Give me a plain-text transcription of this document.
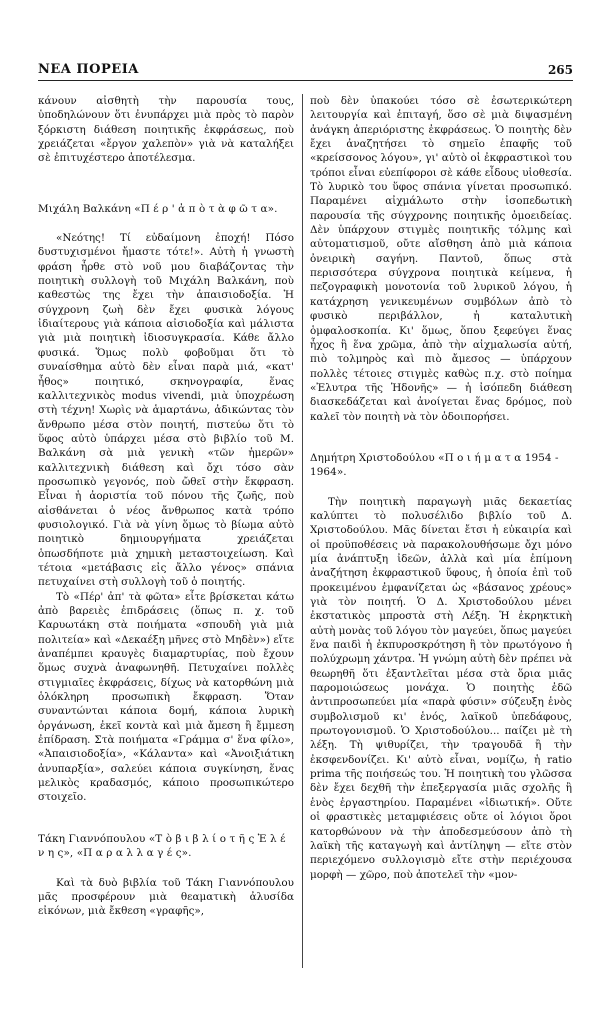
ΝΕΑ ΠΟΡΕΙΑ	265

κάνουν αἰσθητὴ τὴν παρουσία τους, ὑποδηλώνουν ὅτι ἐνυπάρχει μιὰ πρὸς τὸ παρὸν ξόρκιστη διάθεση ποιητικῆς ἐκφράσεως, ποὺ χρειάζεται «ἔργον χαλεπὸν» γιὰ νὰ καταλήξει σὲ ἐπιτυχέστερο ἀποτέλεσμα.

Μιχάλη Βαλκάνη «Π έ ρ ' ἀ π ὸ τ ὰ φ ῶ τ α».

«Νεότης! Τί εὐδαίμονη ἐποχή! Πόσο δυστυχισμένοι ἤμαστε τότε!». Αὐτὴ ἡ γνωστὴ φράση ἦρθε στὸ νοῦ μου διαβάζοντας τὴν ποιητικὴ συλλογὴ τοῦ Μιχάλη Βαλκάνη, ποὺ καθεστὼς της ἔχει τὴν ἀπαισιοδοξία. Ἡ σύγχρονη ζωὴ δὲν ἔχει φυσικὰ λόγους ἰδιαίτερους γιὰ κάποια αἰσιοδοξία καὶ μάλιστα γιὰ μιὰ ποιητικὴ ἰδιοσυγκρασία. Κάθε ἄλλο φυσικά. Ὅμως πολὺ φοβοῦμαι ὅτι τὸ συναίσθημα αὐτὸ δὲν εἶναι παρὰ μιά, «κατ' ἦθος» ποιητικό, σκηνογραφία, ἕνας καλλιτεχνικὸς modus vivendi, μιὰ ὑποχρέωση στὴ τέχνη! Χωρὶς νὰ ἁμαρτάνω, ἀδικώντας τὸν ἄνθρωπο μέσα στὸν ποιητή, πιστεύω ὅτι τὸ ὕφος αὐτὸ ὑπάρχει μέσα στὸ βιβλίο τοῦ Μ. Βαλκάνη σὰ μιὰ γενικὴ «τῶν ἡμερῶν» καλλιτεχνικὴ διάθεση καὶ ὄχι τόσο σὰν προσωπικὸ γεγονός, ποὺ ὤθεῖ στὴν ἔκφραση. Εἶναι ἡ ἀοριστία τοῦ πόνου τῆς ζωῆς, ποὺ αἰσθάνεται ὁ νέος ἄνθρωπος κατὰ τρόπο φυσιολογικό. Γιὰ νὰ γίνη ὅμως τὸ βίωμα αὐτὸ ποιητικὸ δημιουργήματα χρειάζεται ὁπωσδήποτε μιὰ χημικὴ μεταστοιχείωση. Καὶ τέτοια «μετάβασις εἰς ἄλλο γένος» σπάνια πετυχαίνει στὴ συλλογὴ τοῦ ὁ ποιητής.

Τὸ «Πέρ' ἀπ' τὰ φῶτα» εἶτε βρίσκεται κάτω ἀπὸ βαρειὲς ἐπιδράσεις (ὅπως π. χ. τοῦ Καρυωτάκη στὰ ποιήματα «σπουδὴ γιὰ μιὰ πολιτεία» καὶ «Δεκαέξη μῆνες στὸ Μηδὲν») εἴτε ἀναπέμπει κραυγὲς διαμαρτυρίας, ποὺ ἔχουν ὅμως συχνὰ ἀναφωνηθῆ. Πετυχαίνει πολλὲς στιγμιαῖες ἐκφράσεις, δίχως νὰ κατορθώνη μιὰ ὁλόκληρη προσωπικὴ ἔκφραση. Ὅταν συναντώνται κάποια δομή, κάποια λυρικὴ ὀργάνωση, ἐκεῖ κοντὰ καὶ μιὰ ἄμεση ἢ ἔμμεση ἐπίδραση. Στὰ ποιήματα «Γράμμα σ' ἕνα φίλο», «Ἀπαισιοδοξία», «Κάλαντα» καὶ «Ἀνοιξιάτικη ἀνυπαρξία», σαλεύει κάποια συγκίνηση, ἕνας μελικὸς κραδασμός, κάποιο προσωπικώτερο στοιχεῖο.

Τάκη Γιαννόπουλου «Τ ὸ β ι β λ ί ο τ ῆ ς Ἑ λ έ ν η ς», «Π α ρ α λ λ α γ έ ς».

Καὶ τὰ δυὸ βιβλία τοῦ Τάκη Γιαννόπουλου μᾶς προσφέρουν μιὰ θεαματικὴ ἀλυσίδα εἰκόνων, μιὰ ἔκθεση «γραφῆς»,

ποὺ δὲν ὑπακούει τόσο σὲ ἐσωτερικώτερη λειτουργία καὶ ἐπιταγή, ὅσο σὲ μιὰ διψασμένη ἀνάγκη ἀπεριόριστης ἐκφράσεως. Ὁ ποιητὴς δὲν ἔχει ἀναζητήσει τὸ σημεῖο ἐπαφῆς τοῦ «κρείσσονος λόγου», γι' αὐτὸ οἱ ἐκφραστικοὶ του τρόποι εἶναι εὐεπίφοροι σὲ κάθε εἶδους υἱοθεσία. Τὸ λυρικὸ του ὕφος σπάνια γίνεται προσωπικό. Παραμένει αἰχμάλωτο στὴν ἰσοπεδωτικὴ παρουσία τῆς σύγχρονης ποιητικῆς ὁμοειδείας. Δὲν ὑπάρχουν στιγμὲς ποιητικῆς τόλμης καὶ αὐτοματισμοῦ, οὔτε αἴσθηση ἀπὸ μιὰ κάποια ὀνειρικὴ σαγήνη. Παντοῦ, ὅπως στὰ περισσότερα σύγχρονα ποιητικὰ κείμενα, ἡ πεζογραφικὴ μονοτονία τοῦ λυρικοῦ λόγου, ἡ κατάχρηση γενικευμένων συμβόλων ἀπὸ τὸ φυσικὸ περιβάλλον, ἡ καταλυτικὴ ὁμφαλοσκοπία. Κι' ὅμως, ὅπου ξεφεύγει ἕνας ἦχος ἢ ἕνα χρῶμα, ἀπὸ τὴν αἰχμαλωσία αὐτή, πιὸ τολμηρὸς καὶ πιὸ ἄμεσος — ὑπάρχουν πολλὲς τέτοιες στιγμὲς καθὼς π.χ. στὸ ποίημα «Ἐλυτρα τῆς Ἡδονῆς» — ἡ ἰσόπεδη διάθεση διασκεδάζεται καὶ ἀνοίγεται ἕνας δρόμος, ποὺ καλεῖ τὸν ποιητὴ νὰ τὸν ὁδοιπορήσει.

Δημήτρη Χριστοδούλου «Π ο ι ή μ α τ α 1954 - 1964».

Τὴν ποιητικὴ παραγωγὴ μιᾶς δεκαετίας καλύπτει τὸ πολυσέλιδο βιβλίο τοῦ Δ. Χριστοδούλου. Μᾶς δίνεται ἔτσι ἡ εὐκαιρία καὶ οἱ προϋποθέσεις νὰ παρακολουθήσωμε ὄχι μόνο μία ἀνάπτυξη ἰδεῶν, ἀλλὰ καὶ μία ἐπίμονη ἀναζήτηση ἐκφραστικοῦ ὕφους, ἡ ὁποία ἐπὶ τοῦ προκειμένου ἐμφανίζεται ὡς «βάσανος χρέους» γιὰ τὸν ποιητή. Ὁ Δ. Χριστοδούλου μένει ἐκστατικὸς μπροστὰ στὴ Λέξη. Ἡ ἐκρηκτικὴ αὐτὴ μονὰς τοῦ λόγου τὸν μαγεύει, ὅπως μαγεύει ἕνα παιδὶ ἡ ἐκπυροσκρότηση ἢ τὸν πρωτόγονο ἡ πολύχρωμη χάντρα. Ἡ γνώμη αὐτὴ δὲν πρέπει νὰ θεωρηθῆ ὅτι ἐξαντλεῖται μέσα στὰ ὅρια μιᾶς παρομοιώσεως μονάχα. Ὁ ποιητὴς ἐδῶ ἀντιπροσωπεύει μία «παρὰ φύσιν» σύζευξη ἑνὸς συμβολισμοῦ κι' ἑνός, λαϊκοῦ ὑπεδάφους, πρωτογονισμοῦ. Ὁ Χριστοδούλου... παίζει μὲ τὴ λέξη. Τὴ ψιθυρίζει, τὴν τραγουδᾶ ἢ τὴν ἐκσφενδονίζει. Κι' αὐτὸ εἶναι, νομίζω, ἡ ratio prima τῆς ποιήσεώς του. Ἡ ποιητικὴ του γλῶσσα δὲν ἔχει δεχθῆ τὴν ἐπεξεργασία μιᾶς σχολῆς ἢ ἑνὸς ἐργαστηρίου. Παραμένει «ἰδιωτική». Οὔτε οἱ φραστικὲς μεταμφιέσεις οὔτε οἱ λόγιοι ὅροι κατορθώνουν νὰ τὴν ἀποδεσμεύσουν ἀπὸ τὴ λαϊκὴ τῆς καταγωγὴ καὶ ἀντίληψη — εἴτε στὸν περιεχόμενο συλλογισμὸ εἴτε στὴν περιέχουσα μορφὴ — χῶρο, ποὺ ἀποτελεῖ τὴν «μον-
